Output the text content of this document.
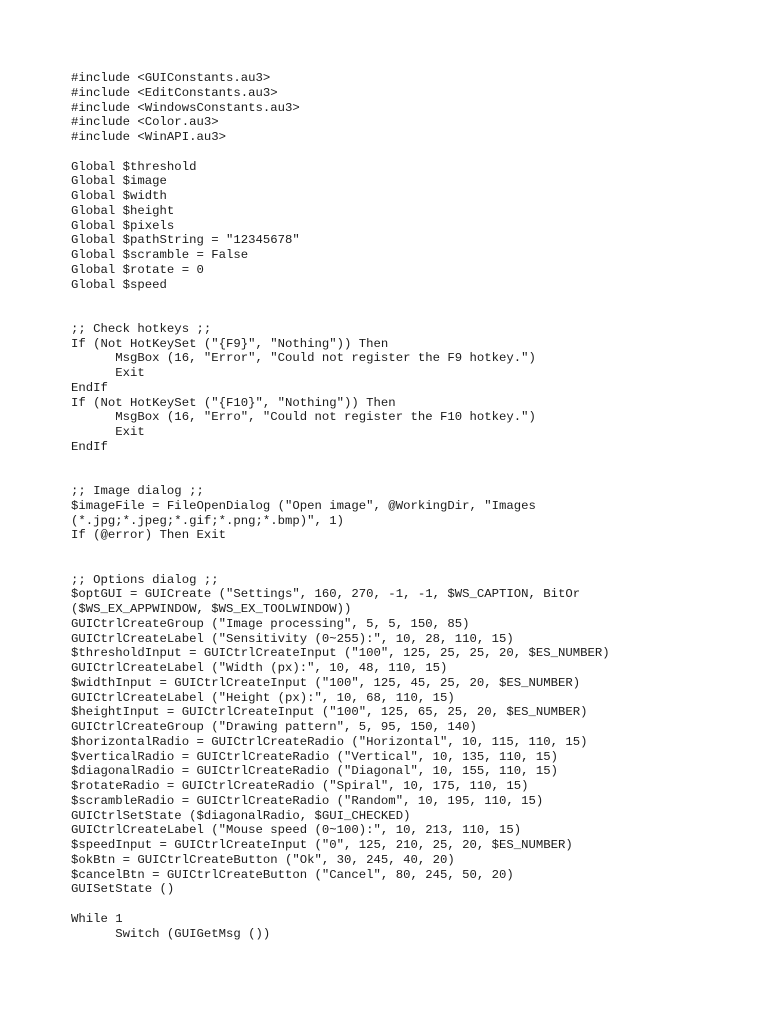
#include <GUIConstants.au3>
#include <EditConstants.au3>
#include <WindowsConstants.au3>
#include <Color.au3>
#include <WinAPI.au3>
Global $threshold
Global $image
Global $width
Global $height
Global $pixels
Global $pathString = "12345678"
Global $scramble = False
Global $rotate = 0
Global $speed
;; Check hotkeys ;;
If (Not HotKeySet ("{F9}", "Nothing")) Then
MsgBox (16, "Error", "Could not register the F9 hotkey.")
Exit
EndIf
If (Not HotKeySet ("{F10}", "Nothing")) Then
MsgBox (16, "Erro", "Could not register the F10 hotkey.")
Exit
EndIf
;; Image dialog ;;
$imageFile = FileOpenDialog ("Open image", @WorkingDir, "Images
(*.jpg;*.jpeg;*.gif;*.png;*.bmp)", 1)
If (@error) Then Exit
;; Options dialog ;;
$optGUI = GUICreate ("Settings", 160, 270, -1, -1, $WS_CAPTION, BitOr
($WS_EX_APPWINDOW, $WS_EX_TOOLWINDOW))
GUICtrlCreateGroup ("Image processing", 5, 5, 150, 85)
GUICtrlCreateLabel ("Sensitivity (0~255):", 10, 28, 110, 15)
$thresholdInput = GUICtrlCreateInput ("100", 125, 25, 25, 20, $ES_NUMBER)
GUICtrlCreateLabel ("Width (px):", 10, 48, 110, 15)
$widthInput = GUICtrlCreateInput ("100", 125, 45, 25, 20, $ES_NUMBER)
GUICtrlCreateLabel ("Height (px):", 10, 68, 110, 15)
$heightInput = GUICtrlCreateInput ("100", 125, 65, 25, 20, $ES_NUMBER)
GUICtrlCreateGroup ("Drawing pattern", 5, 95, 150, 140)
$horizontalRadio = GUICtrlCreateRadio ("Horizontal", 10, 115, 110, 15)
$verticalRadio = GUICtrlCreateRadio ("Vertical", 10, 135, 110, 15)
$diagonalRadio = GUICtrlCreateRadio ("Diagonal", 10, 155, 110, 15)
$rotateRadio = GUICtrlCreateRadio ("Spiral", 10, 175, 110, 15)
$scrambleRadio = GUICtrlCreateRadio ("Random", 10, 195, 110, 15)
GUICtrlSetState ($diagonalRadio, $GUI_CHECKED)
GUICtrlCreateLabel ("Mouse speed (0~100):", 10, 213, 110, 15)
$speedInput = GUICtrlCreateInput ("0", 125, 210, 25, 20, $ES_NUMBER)
$okBtn = GUICtrlCreateButton ("Ok", 30, 245, 40, 20)
$cancelBtn = GUICtrlCreateButton ("Cancel", 80, 245, 50, 20)
GUISetState ()
While 1
Switch (GUIGetMsg ())
